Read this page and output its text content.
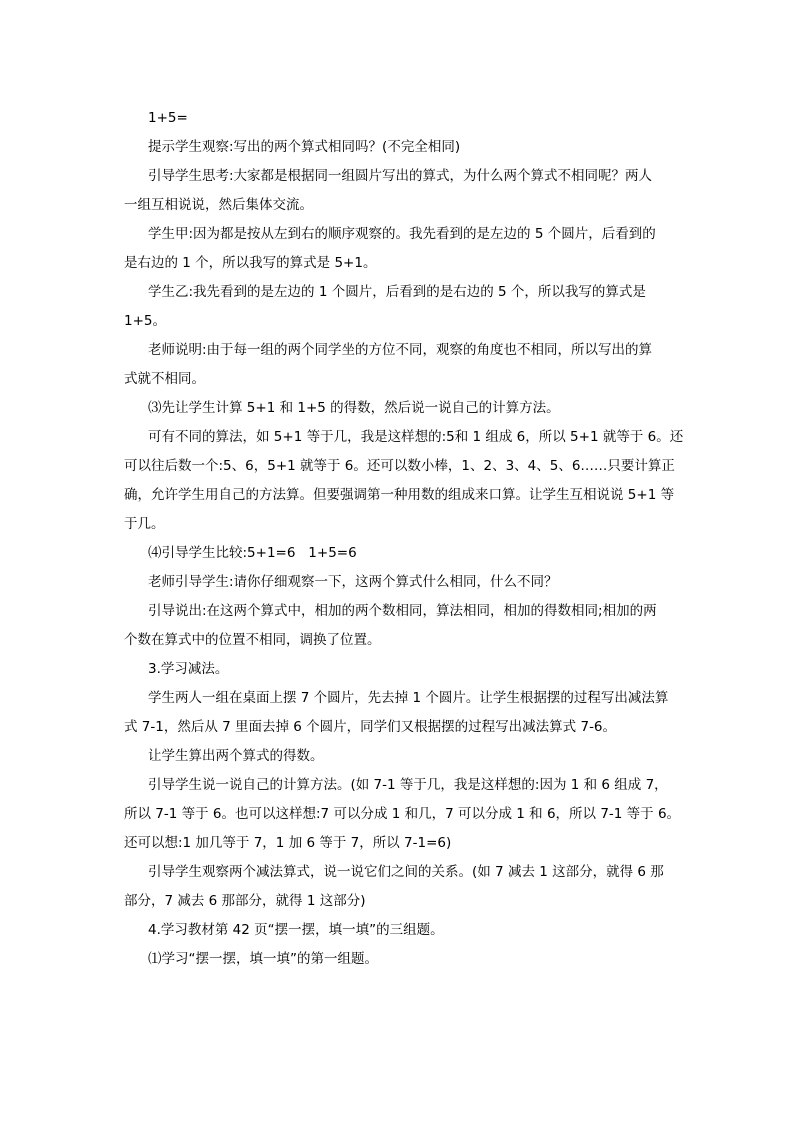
1+5=

提示学生观察:写出的两个算式相同吗？(不完全相同)

引导学生思考:大家都是根据同一组圆片写出的算式，为什么两个算式不相同呢？两人
一组互相说说，然后集体交流。

学生甲:因为都是按从左到右的顺序观察的。我先看到的是左边的 5 个圆片，后看到的
是右边的 1 个，所以我写的算式是 5+1。

学生乙:我先看到的是左边的 1 个圆片，后看到的是右边的 5 个，所以我写的算式是
1+5。

老师说明:由于每一组的两个同学坐的方位不同，观察的角度也不相同，所以写出的算
式就不相同。

⑶先让学生计算 5+1 和 1+5 的得数，然后说一说自己的计算方法。

可有不同的算法，如 5+1 等于几，我是这样想的:5和 1 组成 6，所以 5+1 就等于 6。还
可以往后数一个:5、6，5+1 就等于 6。还可以数小棒，1、2、3、4、5、6……只要计算正
确，允许学生用自己的方法算。但要强调第一种用数的组成来口算。让学生互相说说 5+1 等
于几。

⑷引导学生比较:5+1=6   1+5=6

老师引导学生:请你仔细观察一下，这两个算式什么相同，什么不同？

引导说出:在这两个算式中，相加的两个数相同，算法相同，相加的得数相同;相加的两
个数在算式中的位置不相同，调换了位置。

3.学习减法。

学生两人一组在桌面上摆 7 个圆片，先去掉 1 个圆片。让学生根据摆的过程写出减法算
式 7-1，然后从 7 里面去掉 6 个圆片，同学们又根据摆的过程写出减法算式 7-6。

让学生算出两个算式的得数。

引导学生说一说自己的计算方法。(如 7-1 等于几，我是这样想的:因为 1 和 6 组成 7，
所以 7-1 等于 6。也可以这样想:7 可以分成 1 和几，7 可以分成 1 和 6，所以 7-1 等于 6。
还可以想:1 加几等于 7，1 加 6 等于 7，所以 7-1=6)

引导学生观察两个减法算式，说一说它们之间的关系。(如 7 减去 1 这部分，就得 6 那
部分，7 减去 6 那部分，就得 1 这部分)

4.学习教材第 42 页“摆一摆，填一填”的三组题。

⑴学习“摆一摆，填一填”的第一组题。
